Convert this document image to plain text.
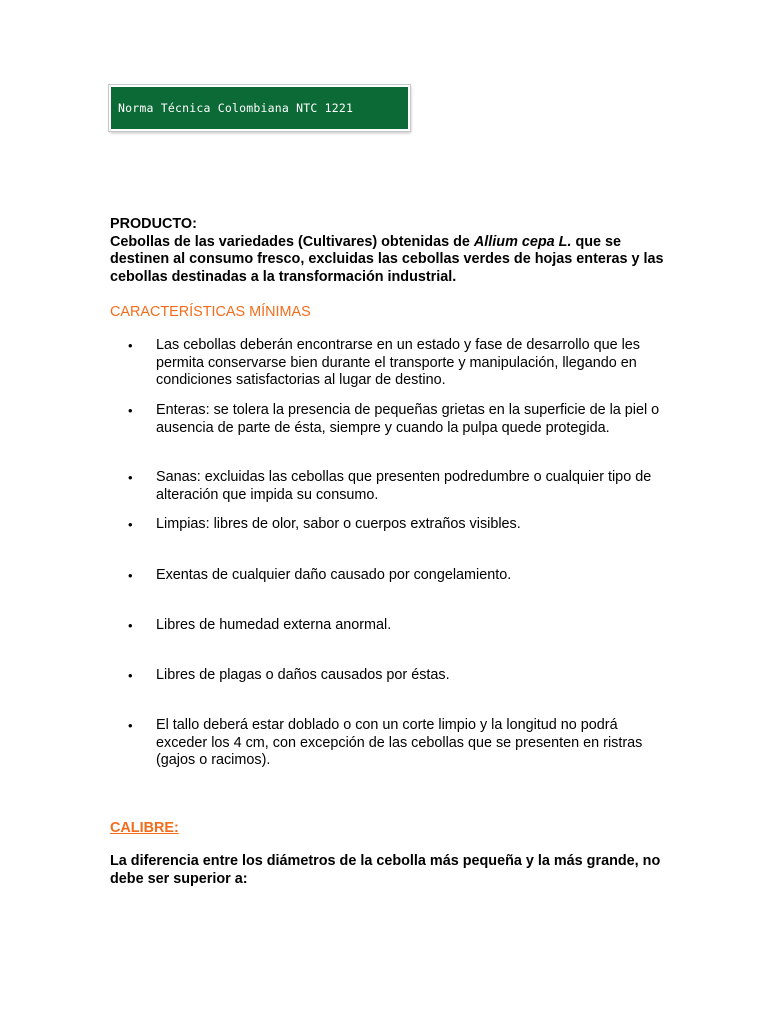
Norma Técnica Colombiana NTC 1221

PRODUCTO:

Cebollas de las variedades (Cultivares) obtenidas de Allium cepa L. que se destinen al consumo fresco, excluidas las cebollas verdes de hojas enteras y las cebollas destinadas a la transformación industrial.

CARACTERÍSTICAS MÍNIMAS
• Las cebollas deberán encontrarse en un estado y fase de desarrollo que les permita conservarse bien durante el transporte y manipulación, llegando en condiciones satisfactorias al lugar de destino.
• Enteras: se tolera la presencia de pequeñas grietas en la superficie de la piel o ausencia de parte de ésta, siempre y cuando la pulpa quede protegida.
• Sanas: excluidas las cebollas que presenten podredumbre o cualquier tipo de alteración que impida su consumo.
• Limpias: libres de olor, sabor o cuerpos extraños visibles.
• Exentas de cualquier daño causado por congelamiento.
• Libres de humedad externa anormal.
• Libres de plagas o daños causados por éstas.
• El tallo deberá estar doblado o con un corte limpio y la longitud no podrá exceder los 4 cm, con excepción de las cebollas que se presenten en ristras (gajos o racimos).
CALIBRE:

La diferencia entre los diámetros de la cebolla más pequeña y la más grande, no debe ser superior a:
